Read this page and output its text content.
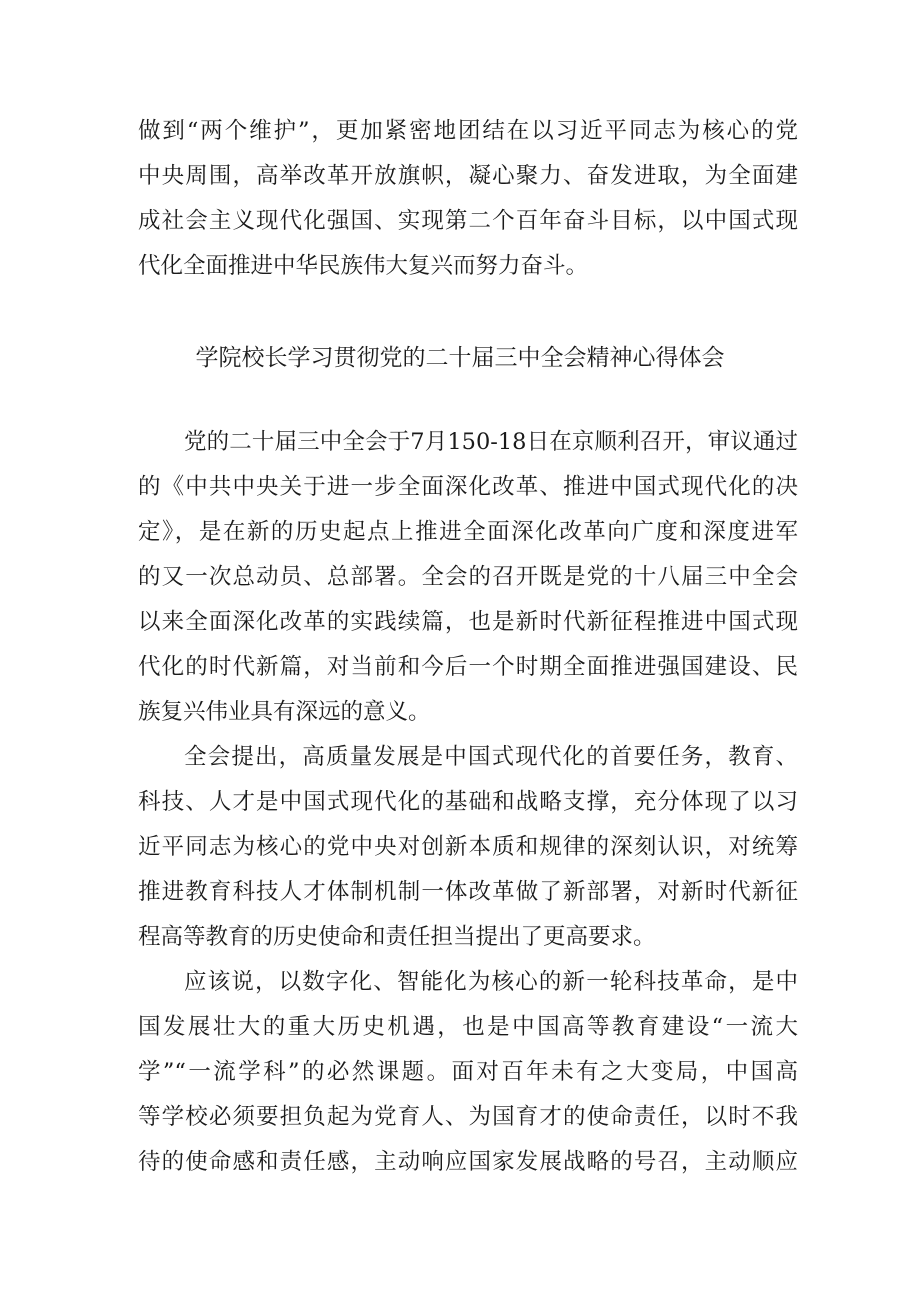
做到“两个维护”，更加紧密地团结在以习近平同志为核心的党
中央周围，高举改革开放旗帜，凝心聚力、奋发进取，为全面建
成社会主义现代化强国、实现第二个百年奋斗目标，以中国式现
代化全面推进中华民族伟大复兴而努力奋斗。
学院校长学习贯彻党的二十届三中全会精神心得体会
党的二十届三中全会于7月150-18日在京顺利召开，审议通过
的《中共中央关于进一步全面深化改革、推进中国式现代化的决
定》，是在新的历史起点上推进全面深化改革向广度和深度进军
的又一次总动员、总部署。全会的召开既是党的十八届三中全会
以来全面深化改革的实践续篇，也是新时代新征程推进中国式现
代化的时代新篇，对当前和今后一个时期全面推进强国建设、民
族复兴伟业具有深远的意义。
全会提出，高质量发展是中国式现代化的首要任务，教育、
科技、人才是中国式现代化的基础和战略支撑，充分体现了以习
近平同志为核心的党中央对创新本质和规律的深刻认识，对统筹
推进教育科技人才体制机制一体改革做了新部署，对新时代新征
程高等教育的历史使命和责任担当提出了更高要求。
应该说，以数字化、智能化为核心的新一轮科技革命，是中
国发展壮大的重大历史机遇，也是中国高等教育建设“一流大
学”“一流学科”的必然课题。面对百年未有之大变局，中国高
等学校必须要担负起为党育人、为国育才的使命责任，以时不我
待的使命感和责任感，主动响应国家发展战略的号召，主动顺应
